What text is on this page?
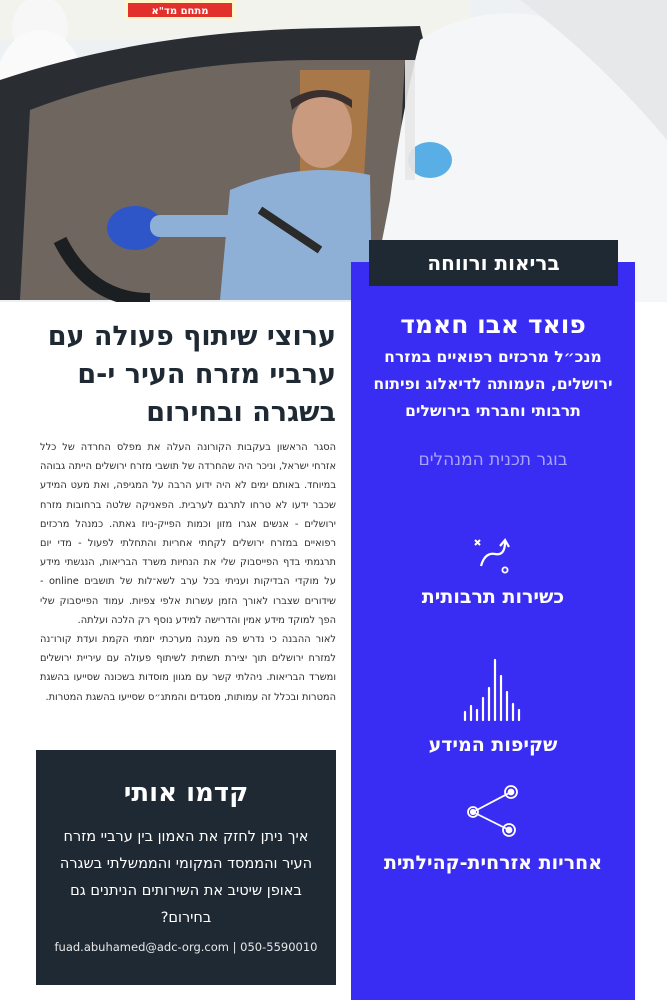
מתחם מד"א
פואד אבו חאמד
מנכ״ל מרכזים רפואיים במזרח ירושלים, העמותה לדיאלוג ופיתוח תרבותי וחברתי בירושלים
בוגר תכנית המנהלים
כשירות תרבותית
שקיפות המידע
אחריות אזרחית-קהילתית
בריאות ורווחה
ערוצי שיתוף פעולה עם ערביי מזרח העיר י-ם בשגרה ובחירום

הסגר הראשון בעקבות הקורונה העלה את מפלס החרדה של כלל אזרחי ישראל, וניכר היה שהחרדה של תושבי מזרח ירושלים הייתה גבוהה במיוחד. באותם ימים לא היה ידוע הרבה על המגיפה, ואת מעט המידע שכבר ידעו לא טרחו לתרגם לערבית. הפאניקה שלטה ברחובות מזרח ירושלים - אנשים אגרו מזון וכמות הפייק-ניוז גאתה. כמנהל מרכזים רפואיים במזרח ירושלים לקחתי אחריות והתחלתי לפעול - מדי יום תרגמתי בדף הפייסבוק שלי את הנחיות משרד הבריאות, הנגשתי מידע על מוקדי הבדיקות ועניתי בכל ערב לשא־לות של תושבים online - שידורים שצברו לאורך הזמן עשרות אלפי צפיות. עמוד הפייסבוק שלי הפך למוקד מידע אמין והדרישה למידע נוסף רק הלכה ועלתה.

לאור ההבנה כי נדרש פה מענה מערכתי יזמתי הקמת ועדת קורו־נה למזרח ירושלים תוך יצירת תשתית לשיתוף פעולה עם עיריית ירושלים ומשרד הבריאות. ניהלתי קשר עם מגוון מוסדות בשכונה שסייעו בהשגת המטרות ובכלל זה עמותות, מסגדים והמתנ״ס שסייעו בהשגת המטרות.

קדמו אותי
איך ניתן לחזק את האמון בין ערביי מזרח העיר והממסד המקומי והממשלתי בשגרה באופן שיטיב את השירותים הניתנים גם בחירום?
fuad.abuhamed@adc-org.com | 050-5590010
